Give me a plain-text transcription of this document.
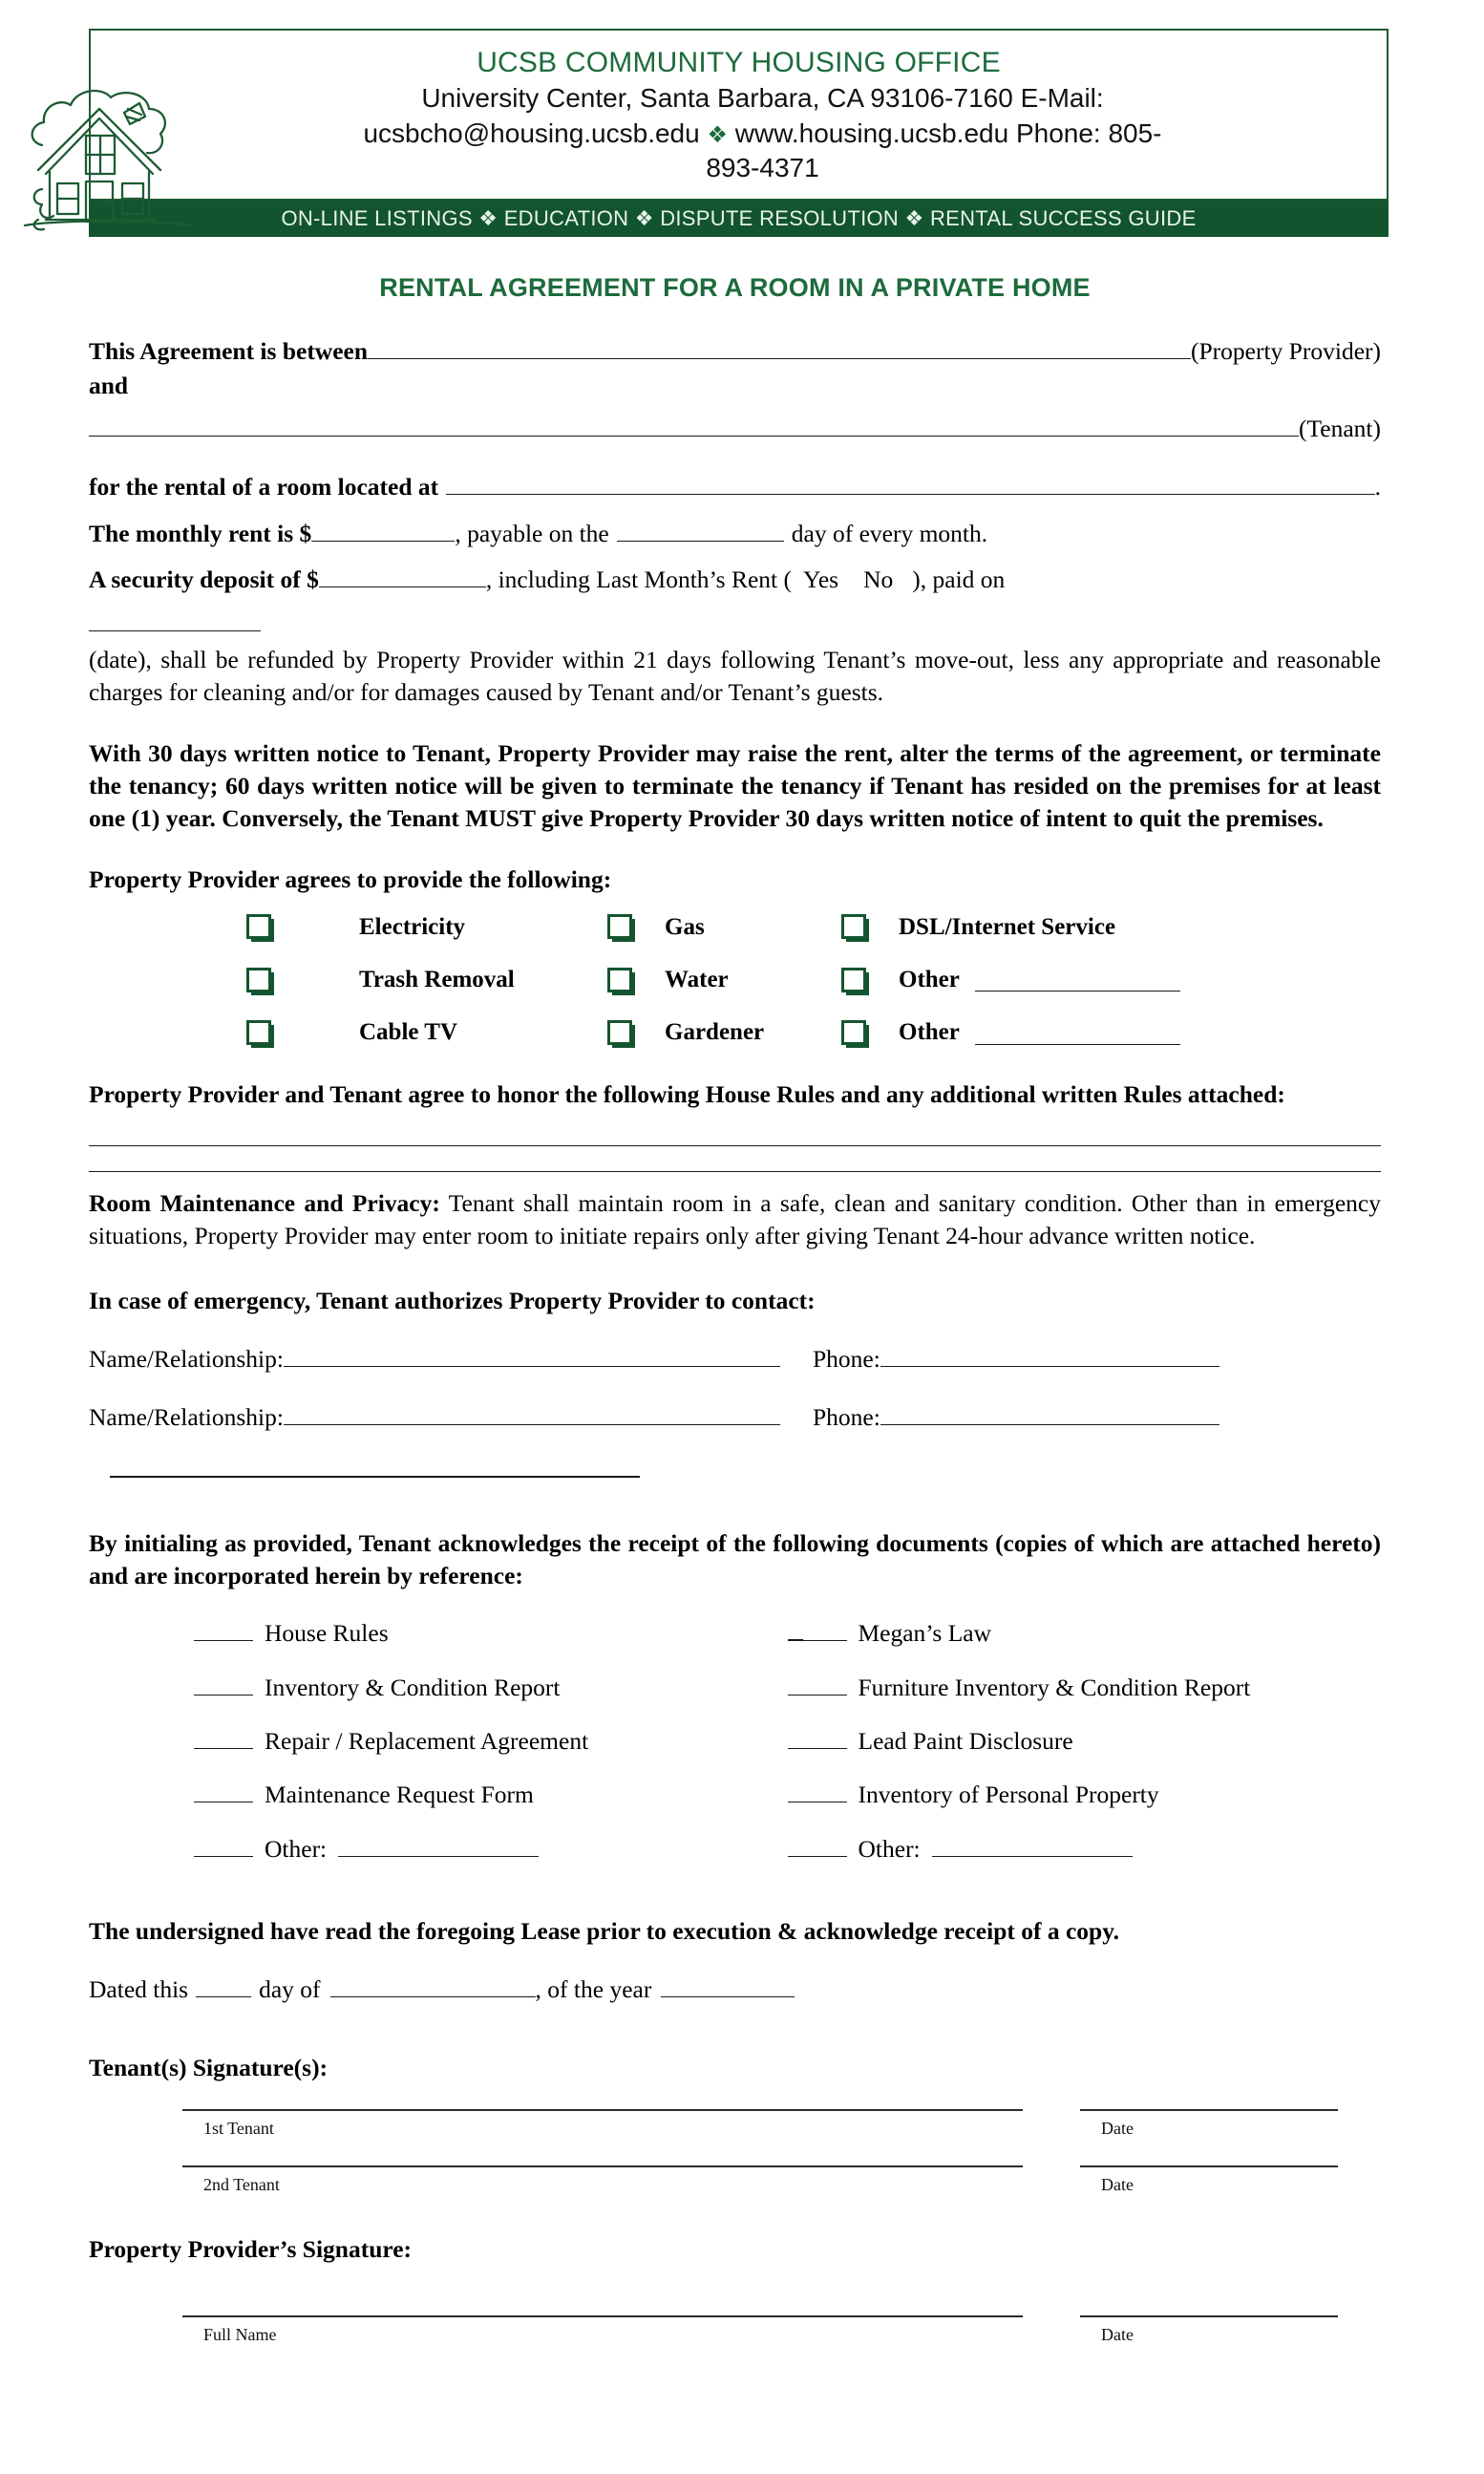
UCSB COMMUNITY HOUSING OFFICE
University Center, Santa Barbara, CA 93106-7160 E-Mail:
ucsbcho@housing.ucsb.edu ❖ www.housing.ucsb.edu Phone: 805-
893-4371
ON-LINE LISTINGS ❖ EDUCATION ❖ DISPUTE RESOLUTION ❖ RENTAL SUCCESS GUIDE
RENTAL AGREEMENT FOR A ROOM IN A PRIVATE HOME
This Agreement is between	(Property Provider)
and
(Tenant)
for the rental of a room located at	.
The monthly rent is $	, payable on the	day of every month.
A security deposit of $	, including Last Month’s Rent ( Yes No ), paid on
(date), shall be refunded by Property Provider within 21 days following Tenant’s move-out, less any appropriate and reasonable charges for cleaning and/or for damages caused by Tenant and/or Tenant’s guests.

With 30 days written notice to Tenant, Property Provider may raise the rent, alter the terms of the agreement, or terminate the tenancy; 60 days written notice will be given to terminate the tenancy if Tenant has resided on the premises for at least one (1) year. Conversely, the Tenant MUST give Property Provider 30 days written notice of intent to quit the premises.

Property Provider agrees to provide the following:
Electricity	Gas	DSL/Internet Service
Trash Removal	Water	Other
Cable TV	Gardener	Other
Property Provider and Tenant agree to honor the following House Rules and any additional written Rules attached:

Room Maintenance and Privacy: Tenant shall maintain room in a safe, clean and sanitary condition. Other than in emergency situations, Property Provider may enter room to initiate repairs only after giving Tenant 24-hour advance written notice.

In case of emergency, Tenant authorizes Property Provider to contact:
Name/Relationship:	Phone:
Name/Relationship:	Phone:
By initialing as provided, Tenant acknowledges the receipt of the following documents (copies of which are attached hereto) and are incorporated herein by reference:
House Rules	Megan’s Law
Inventory & Condition Report	Furniture Inventory & Condition Report
Repair / Replacement Agreement	Lead Paint Disclosure
Maintenance Request Form	Inventory of Personal Property
Other:	Other:
The undersigned have read the foregoing Lease prior to execution & acknowledge receipt of a copy.
Dated this	day of	, of the year
Tenant(s) Signature(s):
1st Tenant	Date
2nd Tenant	Date
Property Provider’s Signature:
Full Name	Date
